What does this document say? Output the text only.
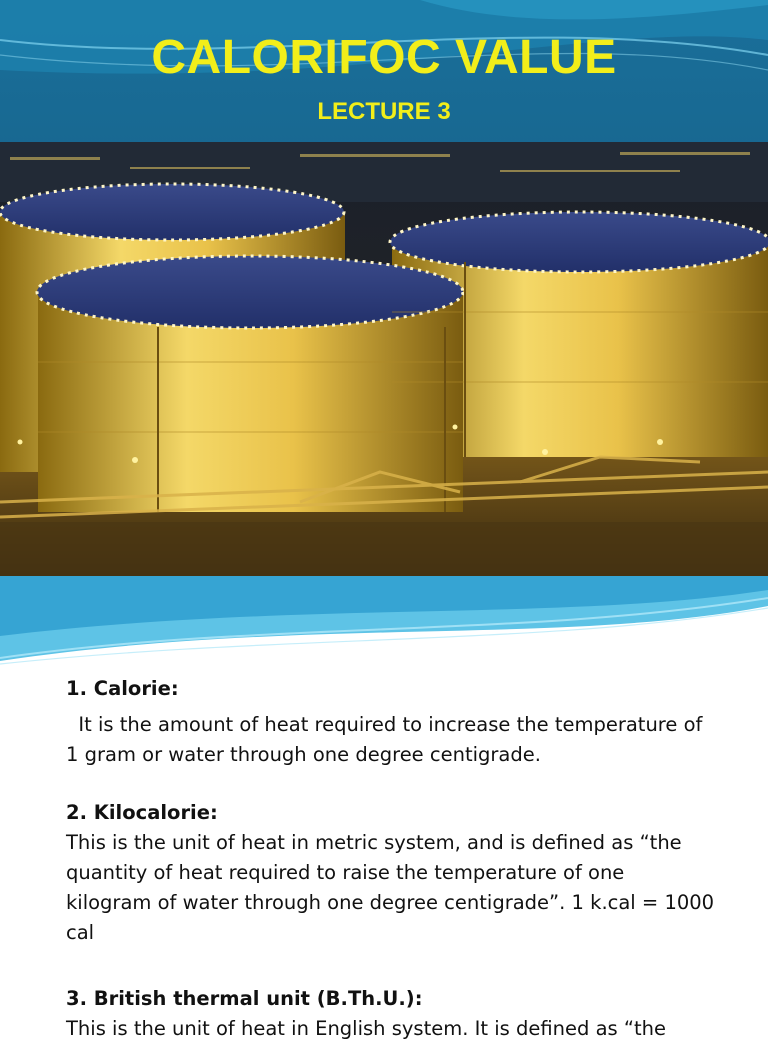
CALORIFOC VALUE
LECTURE 3

1. Calorie:

It is the amount of heat required to increase the temperature of

1 gram or water through one degree centigrade.

2. Kilocalorie:

This is the unit of heat in metric system, and is defined as “the

quantity of heat required to raise the temperature of one

kilogram of water through one degree centigrade”. 1 k.cal = 1000

cal

3. British thermal unit (B.Th.U.):

This is the unit of heat in English system. It is defined as “the
